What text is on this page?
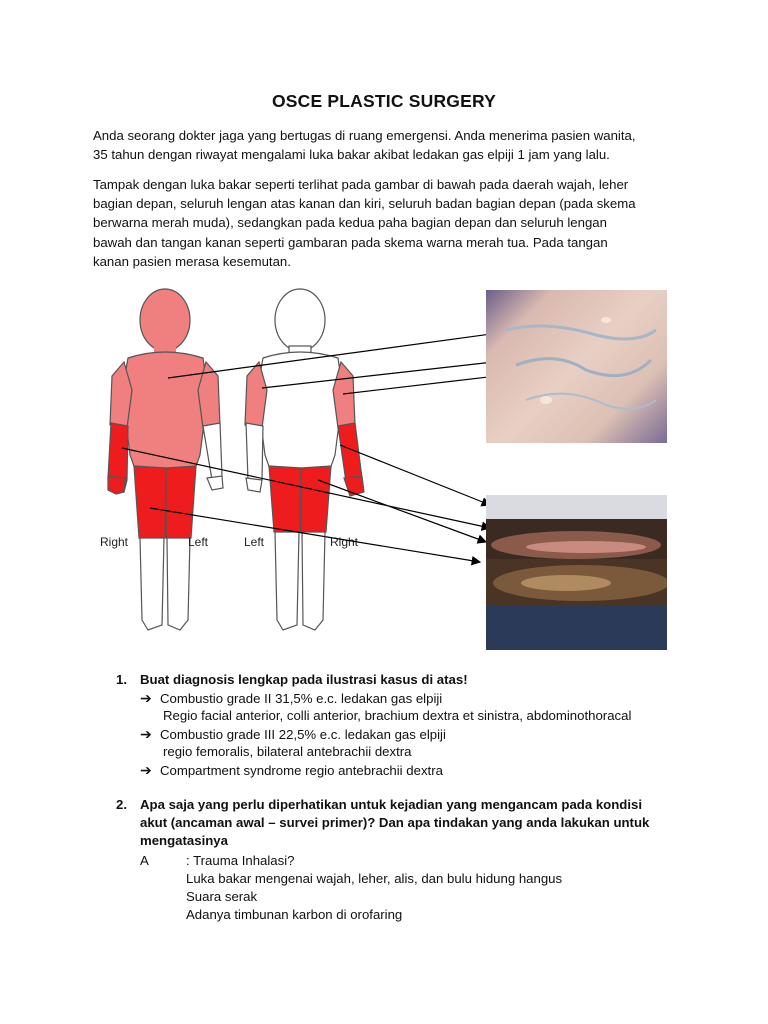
OSCE PLASTIC SURGERY

Anda seorang dokter jaga yang bertugas di ruang emergensi. Anda menerima pasien wanita,
35 tahun dengan riwayat mengalami luka bakar akibat ledakan gas elpiji 1 jam yang lalu.

Tampak dengan luka bakar seperti terlihat pada gambar di bawah pada daerah wajah, leher
bagian depan, seluruh lengan atas kanan dan kiri, seluruh badan bagian depan (pada skema
berwarna merah muda), sedangkan pada kedua paha bagian depan dan seluruh lengan
bawah dan tangan kanan seperti gambaran pada skema warna merah tua. Pada tangan
kanan pasien merasa kesemutan.

Right	Left	Left	Right
1. Buat diagnosis lengkap pada ilustrasi kasus di atas!
➔ Combustio grade II 31,5% e.c. ledakan gas elpiji
Regio facial anterior, colli anterior, brachium dextra et sinistra, abdominothoracal
➔ Combustio grade III 22,5% e.c. ledakan gas elpiji
regio femoralis, bilateral antebrachii dextra
➔ Compartment syndrome regio antebrachii dextra
2. Apa saja yang perlu diperhatikan untuk kejadian yang mengancam pada kondisi
akut (ancaman awal – survei primer)? Dan apa tindakan yang anda lakukan untuk
mengatasinya
A	: Trauma Inhalasi?
Luka bakar mengenai wajah, leher, alis, dan bulu hidung hangus
Suara serak
Adanya timbunan karbon di orofaring
